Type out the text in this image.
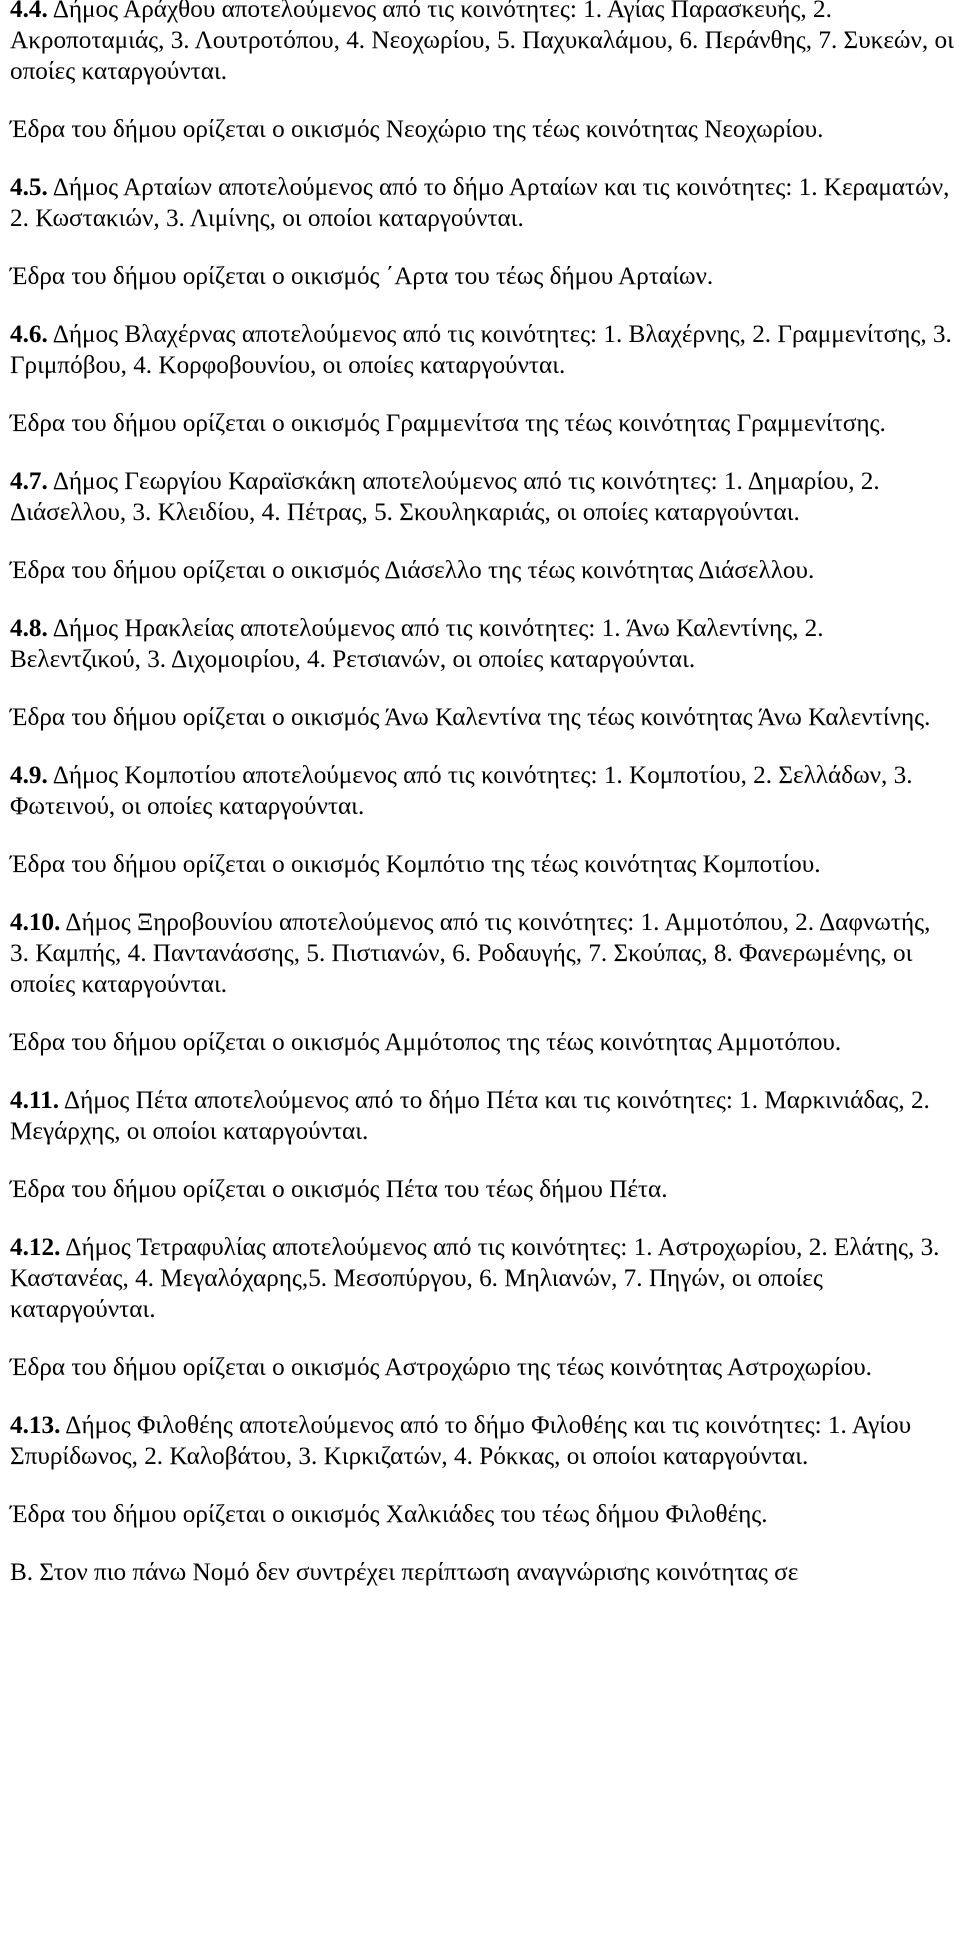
4.4. Δήμος Αράχθου αποτελούμενος από τις κοινότητες: 1. Αγίας Παρασκευής, 2. Ακροποταμιάς, 3. Λουτροτόπου, 4. Νεοχωρίου, 5. Παχυκαλάμου, 6. Περάνθης, 7. Συκεών, οι οποίες καταργούνται.

Έδρα του δήμου ορίζεται ο οικισμός Νεοχώριο της τέως κοινότητας Νεοχωρίου.

4.5. Δήμος Αρταίων αποτελούμενος από το δήμο Αρταίων και τις κοινότητες: 1. Κεραματών, 2. Κωστακιών, 3. Λιμίνης, οι οποίοι καταργούνται.

Έδρα του δήμου ορίζεται ο οικισμός ΄Αρτα του τέως δήμου Αρταίων.

4.6. Δήμος Βλαχέρνας αποτελούμενος από τις κοινότητες: 1. Βλαχέρνης, 2. Γραμμενίτσης, 3. Γριμπόβου, 4. Κορφοβουνίου, οι οποίες καταργούνται.

Έδρα του δήμου ορίζεται ο οικισμός Γραμμενίτσα της τέως κοινότητας Γραμμενίτσης.

4.7. Δήμος Γεωργίου Καραϊσκάκη αποτελούμενος από τις κοινότητες: 1. Δημαρίου, 2. Διάσελλου, 3. Κλειδίου, 4. Πέτρας, 5. Σκουληκαριάς, οι οποίες καταργούνται.

Έδρα του δήμου ορίζεται ο οικισμός Διάσελλο της τέως κοινότητας Διάσελλου.

4.8. Δήμος Ηρακλείας αποτελούμενος από τις κοινότητες: 1. Άνω Καλεντίνης, 2. Βελεντζικού, 3. Διχομοιρίου, 4. Ρετσιανών, οι οποίες καταργούνται.

Έδρα του δήμου ορίζεται ο οικισμός Άνω Καλεντίνα της τέως κοινότητας Άνω Καλεντίνης.

4.9. Δήμος Κομποτίου αποτελούμενος από τις κοινότητες: 1. Κομποτίου, 2. Σελλάδων, 3. Φωτεινού, οι οποίες καταργούνται.

Έδρα του δήμου ορίζεται ο οικισμός Κομπότιο της τέως κοινότητας Κομποτίου.

4.10. Δήμος Ξηροβουνίου αποτελούμενος από τις κοινότητες: 1. Αμμοτόπου, 2. Δαφνωτής, 3. Καμπής, 4. Παντανάσσης, 5. Πιστιανών, 6. Ροδαυγής, 7. Σκούπας, 8. Φανερωμένης, οι οποίες καταργούνται.

Έδρα του δήμου ορίζεται ο οικισμός Αμμότοπος της τέως κοινότητας Αμμοτόπου.

4.11. Δήμος Πέτα αποτελούμενος από το δήμο Πέτα και τις κοινότητες: 1. Μαρκινιάδας, 2. Μεγάρχης, οι οποίοι καταργούνται.

Έδρα του δήμου ορίζεται ο οικισμός Πέτα του τέως δήμου Πέτα.

4.12. Δήμος Τετραφυλίας αποτελούμενος από τις κοινότητες: 1. Αστροχωρίου, 2. Ελάτης, 3. Καστανέας, 4. Μεγαλόχαρης,5. Μεσοπύργου, 6. Μηλιανών, 7. Πηγών, οι οποίες καταργούνται.

Έδρα του δήμου ορίζεται ο οικισμός Αστροχώριο της τέως κοινότητας Αστροχωρίου.

4.13. Δήμος Φιλοθέης αποτελούμενος από το δήμο Φιλοθέης και τις κοινότητες: 1. Αγίου Σπυρίδωνος, 2. Καλοβάτου, 3. Κιρκιζατών, 4. Ρόκκας, οι οποίοι καταργούνται.

Έδρα του δήμου ορίζεται ο οικισμός Χαλκιάδες του τέως δήμου Φιλοθέης.

Β. Στον πιο πάνω Νομό δεν συντρέχει περίπτωση αναγνώρισης κοινότητας σε
